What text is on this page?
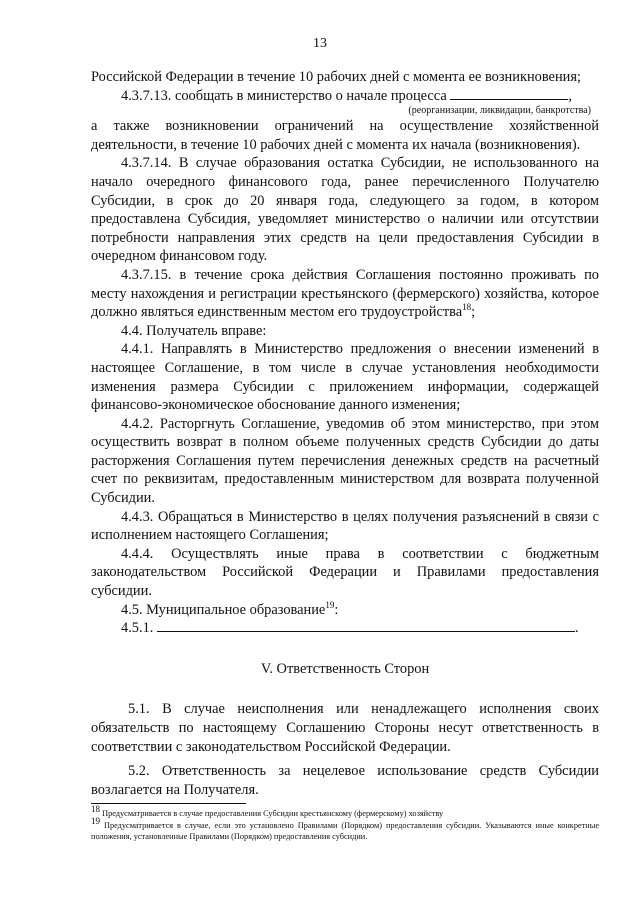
13

Российской Федерации в течение 10 рабочих дней с момента ее возникновения;

4.3.7.13. сообщать в министерство о начале процесса	,

(реорганизации, ликвидации, банкротства)

а также возникновении ограничений на осуществление хозяйственной деятельности, в течение 10 рабочих дней с момента их начала (возникновения).

4.3.7.14. В случае образования остатка Субсидии, не использованного на начало очередного финансового года, ранее перечисленного Получателю Субсидии, в срок до 20 января года, следующего за годом, в котором предоставлена Субсидия, уведомляет министерство о наличии или отсутствии потребности направления этих средств на цели предоставления Субсидии в очередном финансовом году.

4.3.7.15. в течение срока действия Соглашения постоянно проживать по месту нахождения и регистрации крестьянского (фермерского) хозяйства, которое должно являться единственным местом его трудоустройства$^{18}$;

4.4. Получатель вправе:

4.4.1. Направлять в Министерство предложения о внесении изменений в настоящее Соглашение, в том числе в случае установления необходимости изменения размера Субсидии с приложением информации, содержащей финансово-экономическое обоснование данного изменения;

4.4.2. Расторгнуть Соглашение, уведомив об этом министерство, при этом осуществить возврат в полном объеме полученных средств Субсидии до даты расторжения Соглашения путем перечисления денежных средств на расчетный счет по реквизитам, предоставленным министерством для возврата полученной Субсидии.

4.4.3. Обращаться в Министерство в целях получения разъяснений в связи с исполнением настоящего Соглашения;

4.4.4. Осуществлять иные права в соответствии с бюджетным законодательством Российской Федерации и Правилами предоставления субсидии.

4.5. Муниципальное образование$^{19}$:

4.5.1.	.

V. Ответственность Сторон

5.1. В случае неисполнения или ненадлежащего исполнения своих обязательств по настоящему Соглашению Стороны несут ответственность в соответствии с законодательством Российской Федерации.

5.2. Ответственность за нецелевое использование средств Субсидии возлагается на Получателя.

$^{18}$ Предусматривается в случае предоставления Субсидии крестьянскому (фермерскому) хозяйству

$^{19}$ Предусматривается в случае, если это установлено Правилами (Порядком) предоставления субсидии. Указываются иные конкретные положения, установленные Правилами (Порядком) предоставления субсидии.
